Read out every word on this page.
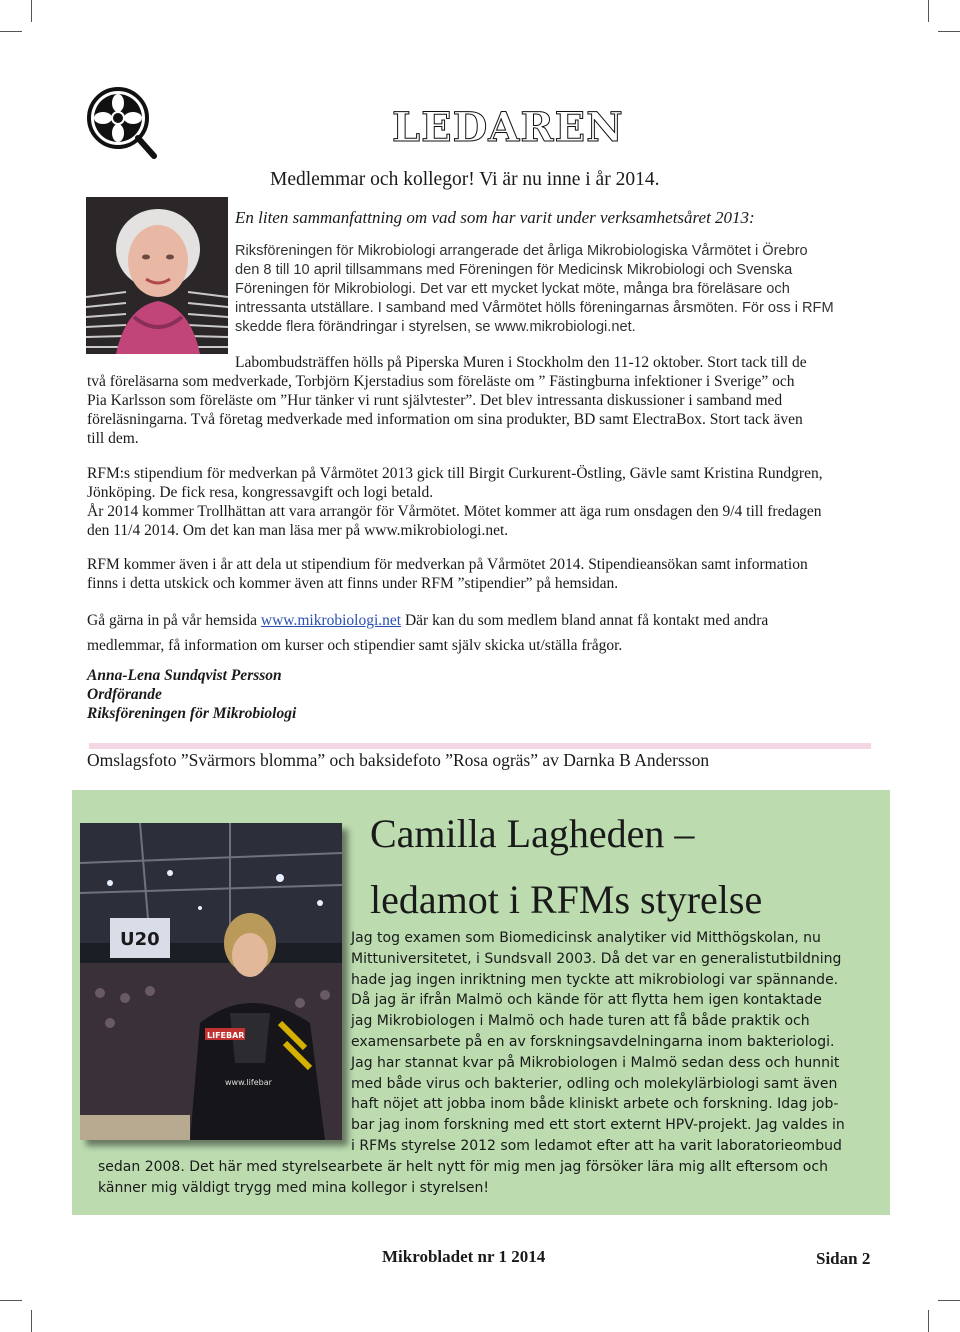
LEDAREN
Medlemmar och kollegor! Vi är nu inne i år 2014.
En liten sammanfattning om vad som har varit under verksamhetsåret 2013:
Riksföreningen för Mikrobiologi arrangerade det årliga Mikrobiologiska Vårmötet i Örebro
den 8 till 10 april tillsammans med Föreningen för Medicinsk Mikrobiologi och Svenska
Föreningen för Mikrobiologi. Det var ett mycket lyckat möte, många bra föreläsare och
intressanta utställare. I samband med Vårmötet hölls föreningarnas årsmöten. För oss i RFM
skedde flera förändringar i styrelsen, se www.mikrobiologi.net.
Labombudsträffen hölls på Piperska Muren i Stockholm den 11-12 oktober. Stort tack till de
två föreläsarna som medverkade, Torbjörn Kjerstadius som föreläste om ” Fästingburna infektioner i Sverige” och
Pia Karlsson som föreläste om ”Hur tänker vi runt självtester”. Det blev intressanta diskussioner i samband med
föreläsningarna. Två företag medverkade med information om sina produkter, BD samt ElectraBox. Stort tack även
till dem.
RFM:s stipendium för medverkan på Vårmötet 2013 gick till Birgit Curkurent-Östling, Gävle samt Kristina Rundgren,
Jönköping. De fick resa, kongressavgift och logi betald.
År 2014 kommer Trollhättan att vara arrangör för Vårmötet. Mötet kommer att äga rum onsdagen den 9/4 till fredagen
den 11/4 2014. Om det kan man läsa mer på www.mikrobiologi.net.
RFM kommer även i år att dela ut stipendium för medverkan på Vårmötet 2014. Stipendieansökan samt information
finns i detta utskick och kommer även att finns under RFM ”stipendier” på hemsidan.
Gå gärna in på vår hemsida www.mikrobiologi.net Där kan du som medlem bland annat få kontakt med andra
medlemmar, få information om kurser och stipendier samt själv skicka ut/ställa frågor.
Anna-Lena Sundqvist Persson
Ordförande
Riksföreningen för Mikrobiologi
Omslagsfoto ”Svärmors blomma” och baksidefoto ”Rosa ogräs” av Darnka B Andersson
U20
LIFEBAR
www.lifebar
Camilla Lagheden –
ledamot i RFMs styrelse
Jag tog examen som Biomedicinsk analytiker vid Mitthögskolan, nu
Mittuniversitetet, i Sundsvall 2003. Då det var en generalistutbildning
hade jag ingen inriktning men tyckte att mikrobiologi var spännande.
Då jag är ifrån Malmö och kände för att flytta hem igen kontaktade
jag Mikrobiologen i Malmö och hade turen att få både praktik och
examensarbete på en av forskningsavdelningarna inom bakteriologi.
Jag har stannat kvar på Mikrobiologen i Malmö sedan dess och hunnit
med både virus och bakterier, odling och molekylärbiologi samt även
haft nöjet att jobba inom både kliniskt arbete och forskning. Idag job-
bar jag inom forskning med ett stort externt HPV-projekt. Jag valdes in
i RFMs styrelse 2012 som ledamot efter att ha varit laboratorieombud
sedan 2008. Det här med styrelsearbete är helt nytt för mig men jag försöker lära mig allt eftersom och
känner mig väldigt trygg med mina kollegor i styrelsen!
Mikrobladet nr 1 2014	Sidan 2
